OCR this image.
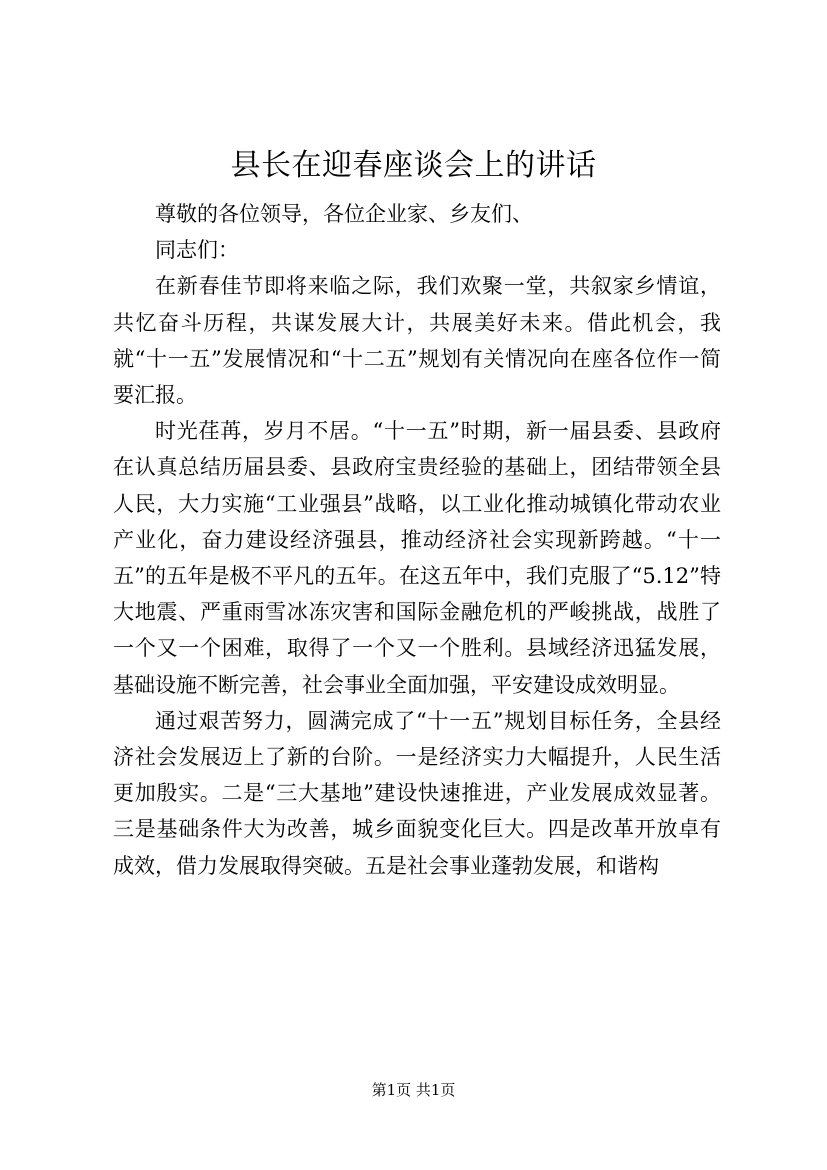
县长在迎春座谈会上的讲话

尊敬的各位领导，各位企业家、乡友们、

同志们：

在新春佳节即将来临之际，我们欢聚一堂，共叙家乡情谊，共忆奋斗历程，共谋发展大计，共展美好未来。借此机会，我就“十一五”发展情况和“十二五”规划有关情况向在座各位作一简要汇报。

时光荏苒，岁月不居。“十一五”时期，新一届县委、县政府在认真总结历届县委、县政府宝贵经验的基础上，团结带领全县人民，大力实施“工业强县”战略，以工业化推动城镇化带动农业产业化，奋力建设经济强县，推动经济社会实现新跨越。“十一五”的五年是极不平凡的五年。在这五年中，我们克服了“5.12”特大地震、严重雨雪冰冻灾害和国际金融危机的严峻挑战，战胜了一个又一个困难，取得了一个又一个胜利。县域经济迅猛发展，基础设施不断完善，社会事业全面加强，平安建设成效明显。

通过艰苦努力，圆满完成了“十一五”规划目标任务，全县经济社会发展迈上了新的台阶。一是经济实力大幅提升，人民生活更加殷实。二是“三大基地”建设快速推进，产业发展成效显著。三是基础条件大为改善，城乡面貌变化巨大。四是改革开放卓有成效，借力发展取得突破。五是社会事业蓬勃发展，和谐构

第1页 共1页
